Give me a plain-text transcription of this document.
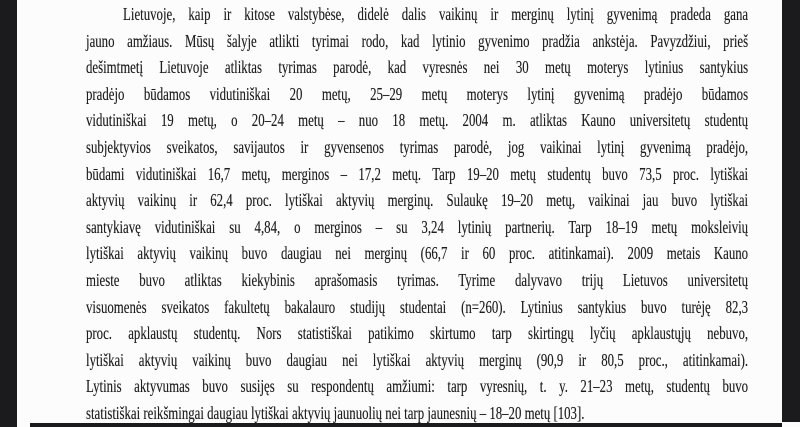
Lietuvoje, kaip ir kitose valstybėse, didelė dalis vaikinų ir merginų lytinį gyvenimą pradeda gana
jauno amžiaus. Mūsų šalyje atlikti tyrimai rodo, kad lytinio gyvenimo pradžia ankstėja. Pavyzdžiui, prieš
dešimtmetį Lietuvoje atliktas tyrimas parodė, kad vyresnės nei 30 metų moterys lytinius santykius
pradėjo būdamos vidutiniškai 20 metų, 25–29 metų moterys lytinį gyvenimą pradėjo būdamos
vidutiniškai 19 metų, o 20–24 metų – nuo 18 metų. 2004 m. atliktas Kauno universitetų studentų
subjektyvios sveikatos, savijautos ir gyvensenos tyrimas parodė, jog vaikinai lytinį gyvenimą pradėjo,
būdami vidutiniškai 16,7 metų, merginos – 17,2 metų. Tarp 19–20 metų studentų buvo 73,5 proc. lytiškai
aktyvių vaikinų ir 62,4 proc. lytiškai aktyvių merginų. Sulaukę 19–20 metų, vaikinai jau buvo lytiškai
santykiavę vidutiniškai su 4,84, o merginos – su 3,24 lytinių partnerių. Tarp 18–19 metų moksleivių
lytiškai aktyvių vaikinų buvo daugiau nei merginų (66,7 ir 60 proc. atitinkamai). 2009 metais Kauno
mieste buvo atliktas kiekybinis aprašomasis tyrimas. Tyrime dalyvavo trijų Lietuvos universitetų
visuomenės sveikatos fakultetų bakalauro studijų studentai (n=260). Lytinius santykius buvo turėję 82,3
proc. apklaustų studentų. Nors statistiškai patikimo skirtumo tarp skirtingų lyčių apklaustųjų nebuvo,
lytiškai aktyvių vaikinų buvo daugiau nei lytiškai aktyvių merginų (90,9 ir 80,5 proc., atitinkamai).
Lytinis aktyvumas buvo susijęs su respondentų amžiumi: tarp vyresnių, t. y. 21–23 metų, studentų buvo
statistiškai reikšmingai daugiau lytiškai aktyvių jaunuolių nei tarp jaunesnių – 18–20 metų [103].
